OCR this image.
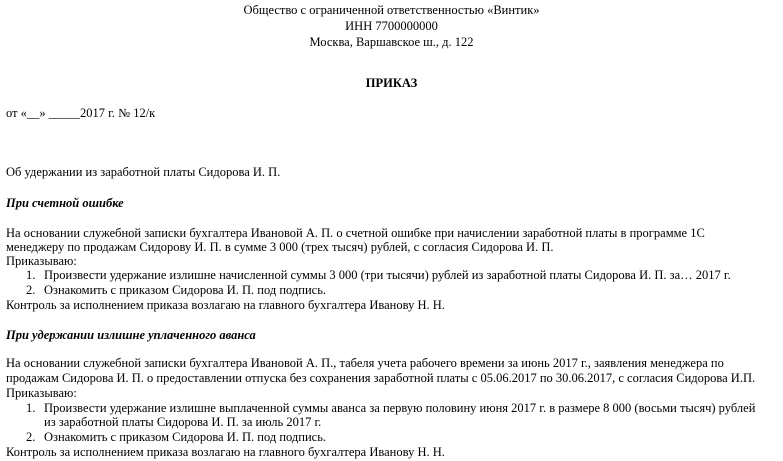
Общество с ограниченной ответственностью «Винтик»
ИНН 7700000000
Москва, Варшавское ш., д. 122
ПРИКАЗ
от «__» _____2017 г. № 12/к
Об удержании из заработной платы Сидорова И. П.
При счетной ошибке
На основании служебной записки бухгалтера Ивановой А. П. о счетной ошибке при начислении заработной платы в программе 1С
менеджеру по продажам Сидорову И. П. в сумме 3 000 (трех тысяч) рублей, с согласия Сидорова И. П.
Приказываю:
1. Произвести удержание излишне начисленной суммы 3 000 (три тысячи) рублей из заработной платы Сидорова И. П. за… 2017 г.
2. Ознакомить с приказом Сидорова И. П. под подпись.
Контроль за исполнением приказа возлагаю на главного бухгалтера Иванову Н. Н.
При удержании излишне уплаченного аванса
На основании служебной записки бухгалтера Ивановой А. П., табеля учета рабочего времени за июнь 2017 г., заявления менеджера по
продажам Сидорова И. П. о предоставлении отпуска без сохранения заработной платы с 05.06.2017 по 30.06.2017, с согласия Сидорова И.П.
Приказываю:
1. Произвести удержание излишне выплаченной суммы аванса за первую половину июня 2017 г. в размере 8 000 (восьми тысяч) рублей
из заработной платы Сидорова И. П. за июль 2017 г.
2. Ознакомить с приказом Сидорова И. П. под подпись.
Контроль за исполнением приказа возлагаю на главного бухгалтера Иванову Н. Н.
